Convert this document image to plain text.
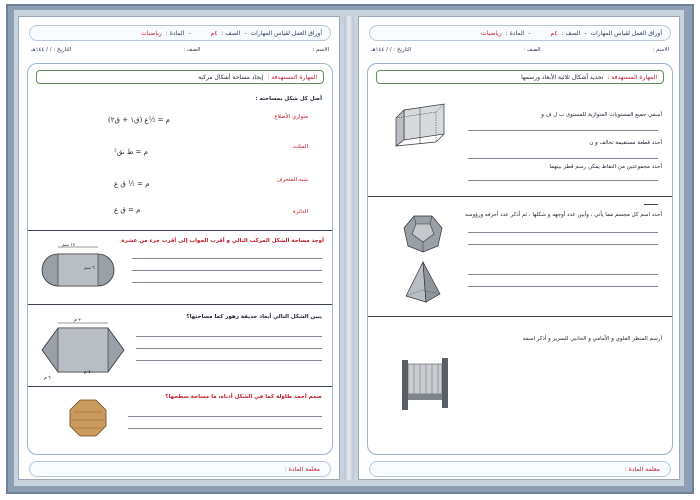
أوراق العمل لقياس المهارات
-
الصف :
٤م
-
المادة :
رياضيات
الاسم :
الصف :
التاريخ : / / ١٤٤هـ
المهارة المستهدفة :
إيجاد مساحة أشكال مركبة
أصل كل شكل بمساحته :
متوازي الأضلاع
المثلث
شبه المنحرف
الدائرة
م = ½ع (ق١ + ق٢)
م = ط نق²
م = ½ ق ع
م = ق ع
أوجد مساحة الشكل المركب التالي و أقرب الجواب إلى أقرب جزء من عشرة
١٧ سم
٦ سم
يبين الشكل التالي أبعاد حديقة زهور كما مساحتها؟
٢٠ م
٤٠ م
٦ م
صمم أحمد طاولة كما في الشكل أدناه، ما مساحة سطحها؟
معلمة المادة :
أوراق العمل لقياس المهارات
-
الصف :
٤م
-
المادة :
رياضيات
الاسم :
الصف :
التاريخ : / / ١٤٤هـ
المهارة المستهدفة :
تحديد أشكال ثلاثية الأبعاد ورسمها
أسمي جميع المستويات المتوازية للمستوى ب ل ف و
أحدد قطعة مستقيمة تخالف و ن
أحدد مجموعتين من النقاط يمكن رسم قطر بينهما
أحدد اسم كل مجسم مما يأتي ، وأبين عدد أوجهه و شكلها ، ثم أذكر عدد أحرفه ورؤوسه
أرسم المنظر العلوي و الأمامي و الجانبي للسرير و أذكر اسمه
معلمة المادة :
